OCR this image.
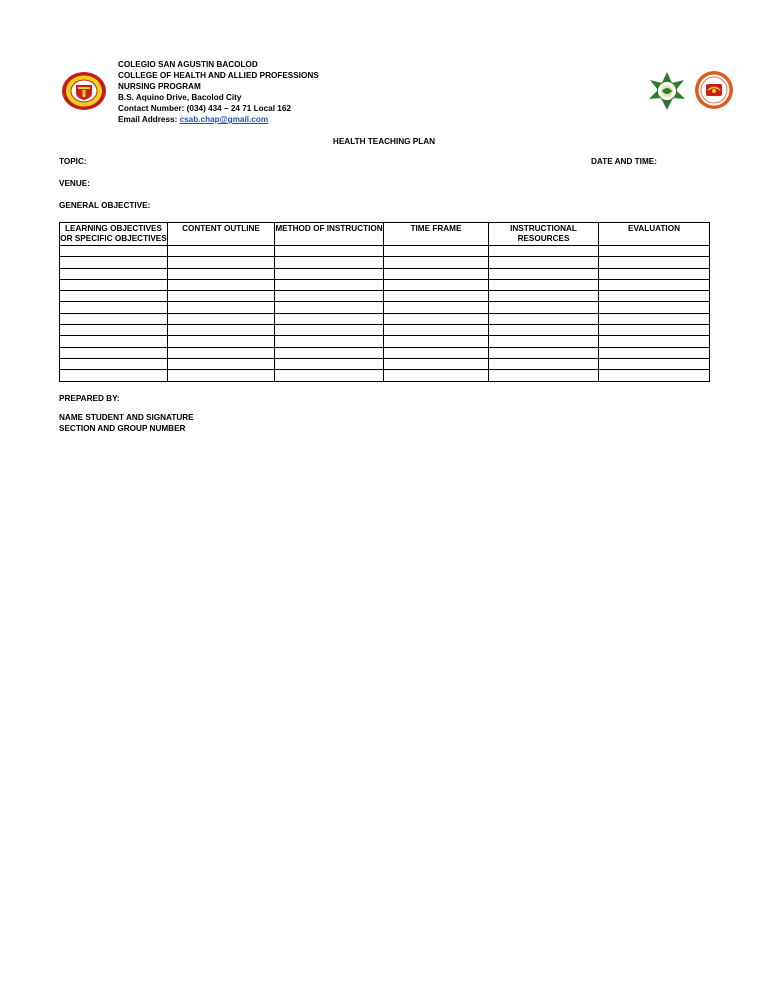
COLEGIO SAN AGUSTIN BACOLOD
COLLEGE OF HEALTH AND ALLIED PROFESSIONS
NURSING PROGRAM
B.S. Aquino Drive, Bacolod City
Contact Number: (034) 434 – 24 71 Local 162
Email Address: csab.chap@gmail.com
HEALTH TEACHING PLAN
TOPIC:	DATE AND TIME:
VENUE:
GENERAL OBJECTIVE:
LEARNING OBJECTIVES OR SPECIFIC OBJECTIVES	CONTENT OUTLINE	METHOD OF INSTRUCTION	TIME FRAME	INSTRUCTIONAL RESOURCES	EVALUATION

PREPARED BY:
NAME STUDENT AND SIGNATURE
SECTION AND GROUP NUMBER
